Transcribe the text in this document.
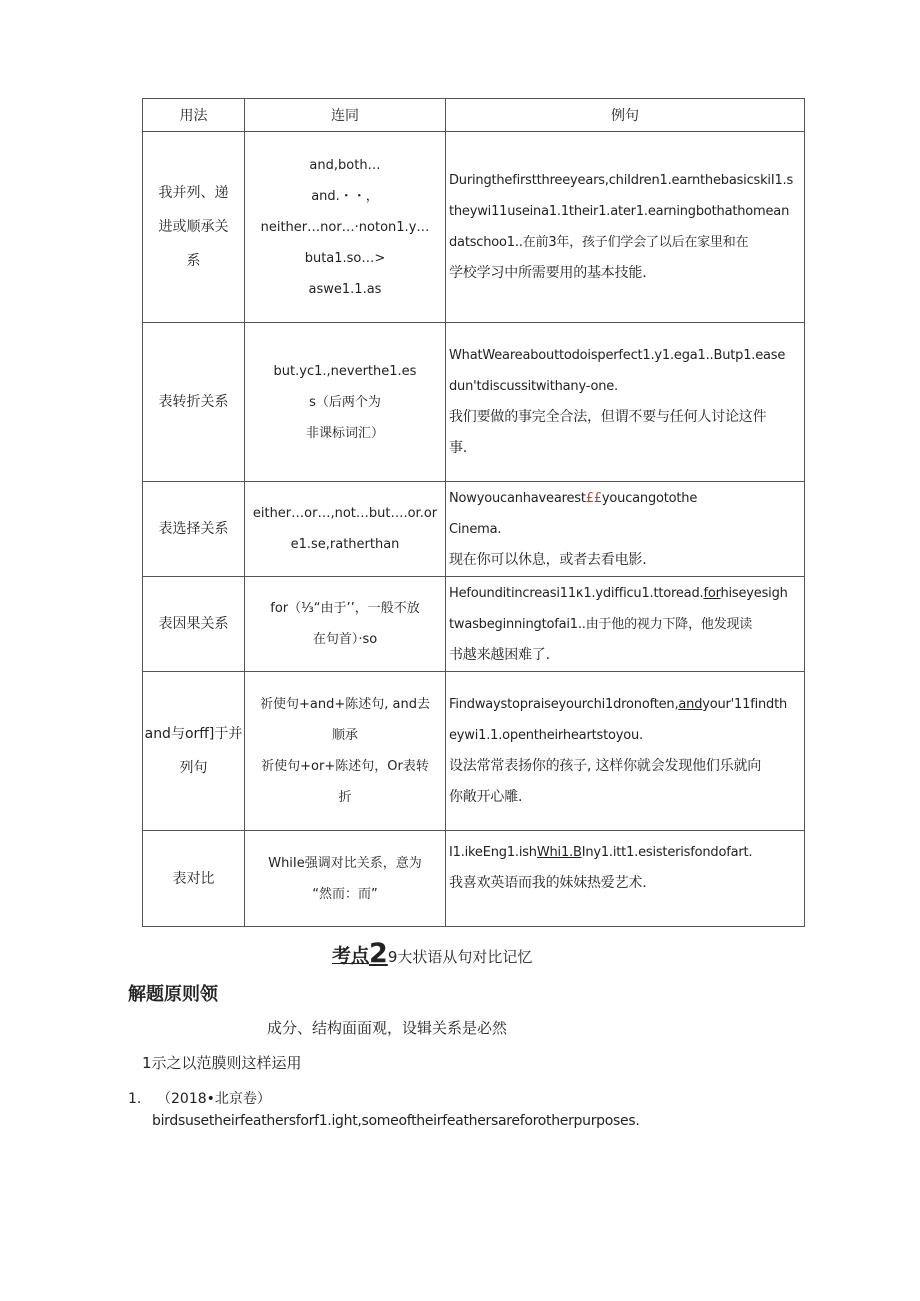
用法	连同	例句

我并列、递
进或顺承关
系	and,both…
and.・・，
neither…nor…·noton1.y…
buta1.so…>
aswe1.1.as	Duringthefirstthreeyears,chiIdren1.earnthebasicskiI1.s
theywi11useina1.1their1.ater1.earningbothathomean
datschoo1..在前3年，孩子们学会了以后在家里和在
学校学习中所需要用的基本技能.

表转折关系	but.yc1.,neverthe1.es
s（后两个为
非课标词汇）	WhatWeareabouttodoisperfect1.y1.ega1..Butp1.ease
dun'tdiscussitwithany-one.
我们要做的事完全合法，但谓不要与任何人讨论这件
事.

表选择关系	either…or…,not…but….or.or
e1.se,ratherthan	Nowyoucanhavearest££youcangotothe
Cinema.
现在你可以休息，或者去看电影.

表因果关系	for（⅓“由于’’，一般不放
在句首）·so	Hefounditincreasi11κ1.ydifficu1.ttoread.forhiseyesigh
twasbeginningtofai1..由于他的视力下降，他发现读
书越来越困难了.

and与orff]于并
列句	祈使句+and+陈述句, and去
顺承
祈使句+or+陈述句，Or表转
折	Findwaystopraiseyourchi1dronoften,andyour'11findth
eywi1.1.opentheirheartstoyou.
设法常常表扬你的孩子, 这样你就会发现他们乐就向
你敞开心雕.

表对比	WhiIe强调对比关系，意为
“然而：而”	I1.ikeEng1.ishWhi1.BIny1.itt1.esisterisfondofart.
我喜欢英语而我的妹妹热爱艺术.
考点29大状语从句对比记忆
解题原则领
成分、结构面面观，设辑关系是必然
1示之以范膜则这样运用
1. （2018•北京卷）
birdsusetheirfeathersforf1.ight,someoftheirfeathersareforotherpurposes.
